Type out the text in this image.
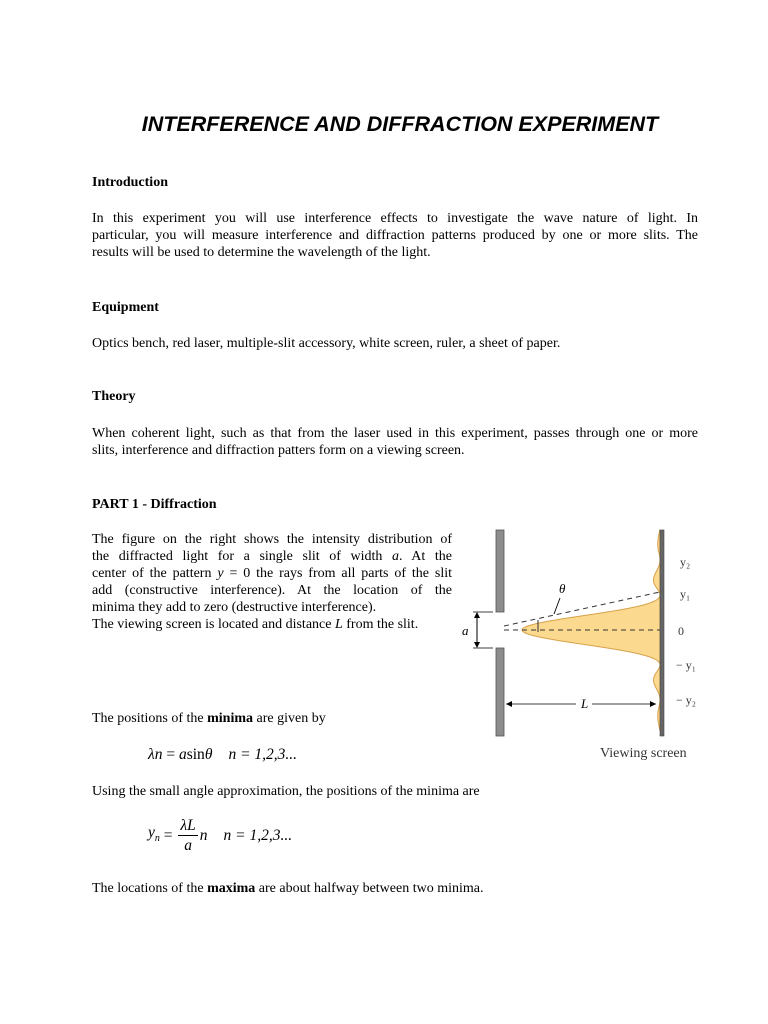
INTERFERENCE AND DIFFRACTION EXPERIMENT
Introduction
In this experiment you will use interference effects to investigate the wave nature of light. In
particular, you will measure interference and diffraction patterns produced by one or more slits. The
results will be used to determine the wavelength of the light.
Equipment
Optics bench, red laser, multiple-slit accessory, white screen, ruler, a sheet of paper.
Theory
When coherent light, such as that from the laser used in this experiment, passes through one or more
slits, interference and diffraction patters form on a viewing screen.
PART 1 - Diffraction
The figure on the right shows the intensity distribution of
the diffracted light for a single slit of width a. At the
center of the pattern y = 0 the rays from all parts of the slit
add (constructive interference). At the location of the
minima they add to zero (destructive interference).
The viewing screen is located and distance L from the slit.	a
θ
L
y₂
y₁
0
− y₁
− y₂
Viewing screen
The positions of the minima are given by
λn = asinθ n = 1,2,3...
Using the small angle approximation, the positions of the minima are
$y_n = \frac{\lambda L}{a}$ n n = 1,2,3...
The locations of the maxima are about halfway between two minima.
